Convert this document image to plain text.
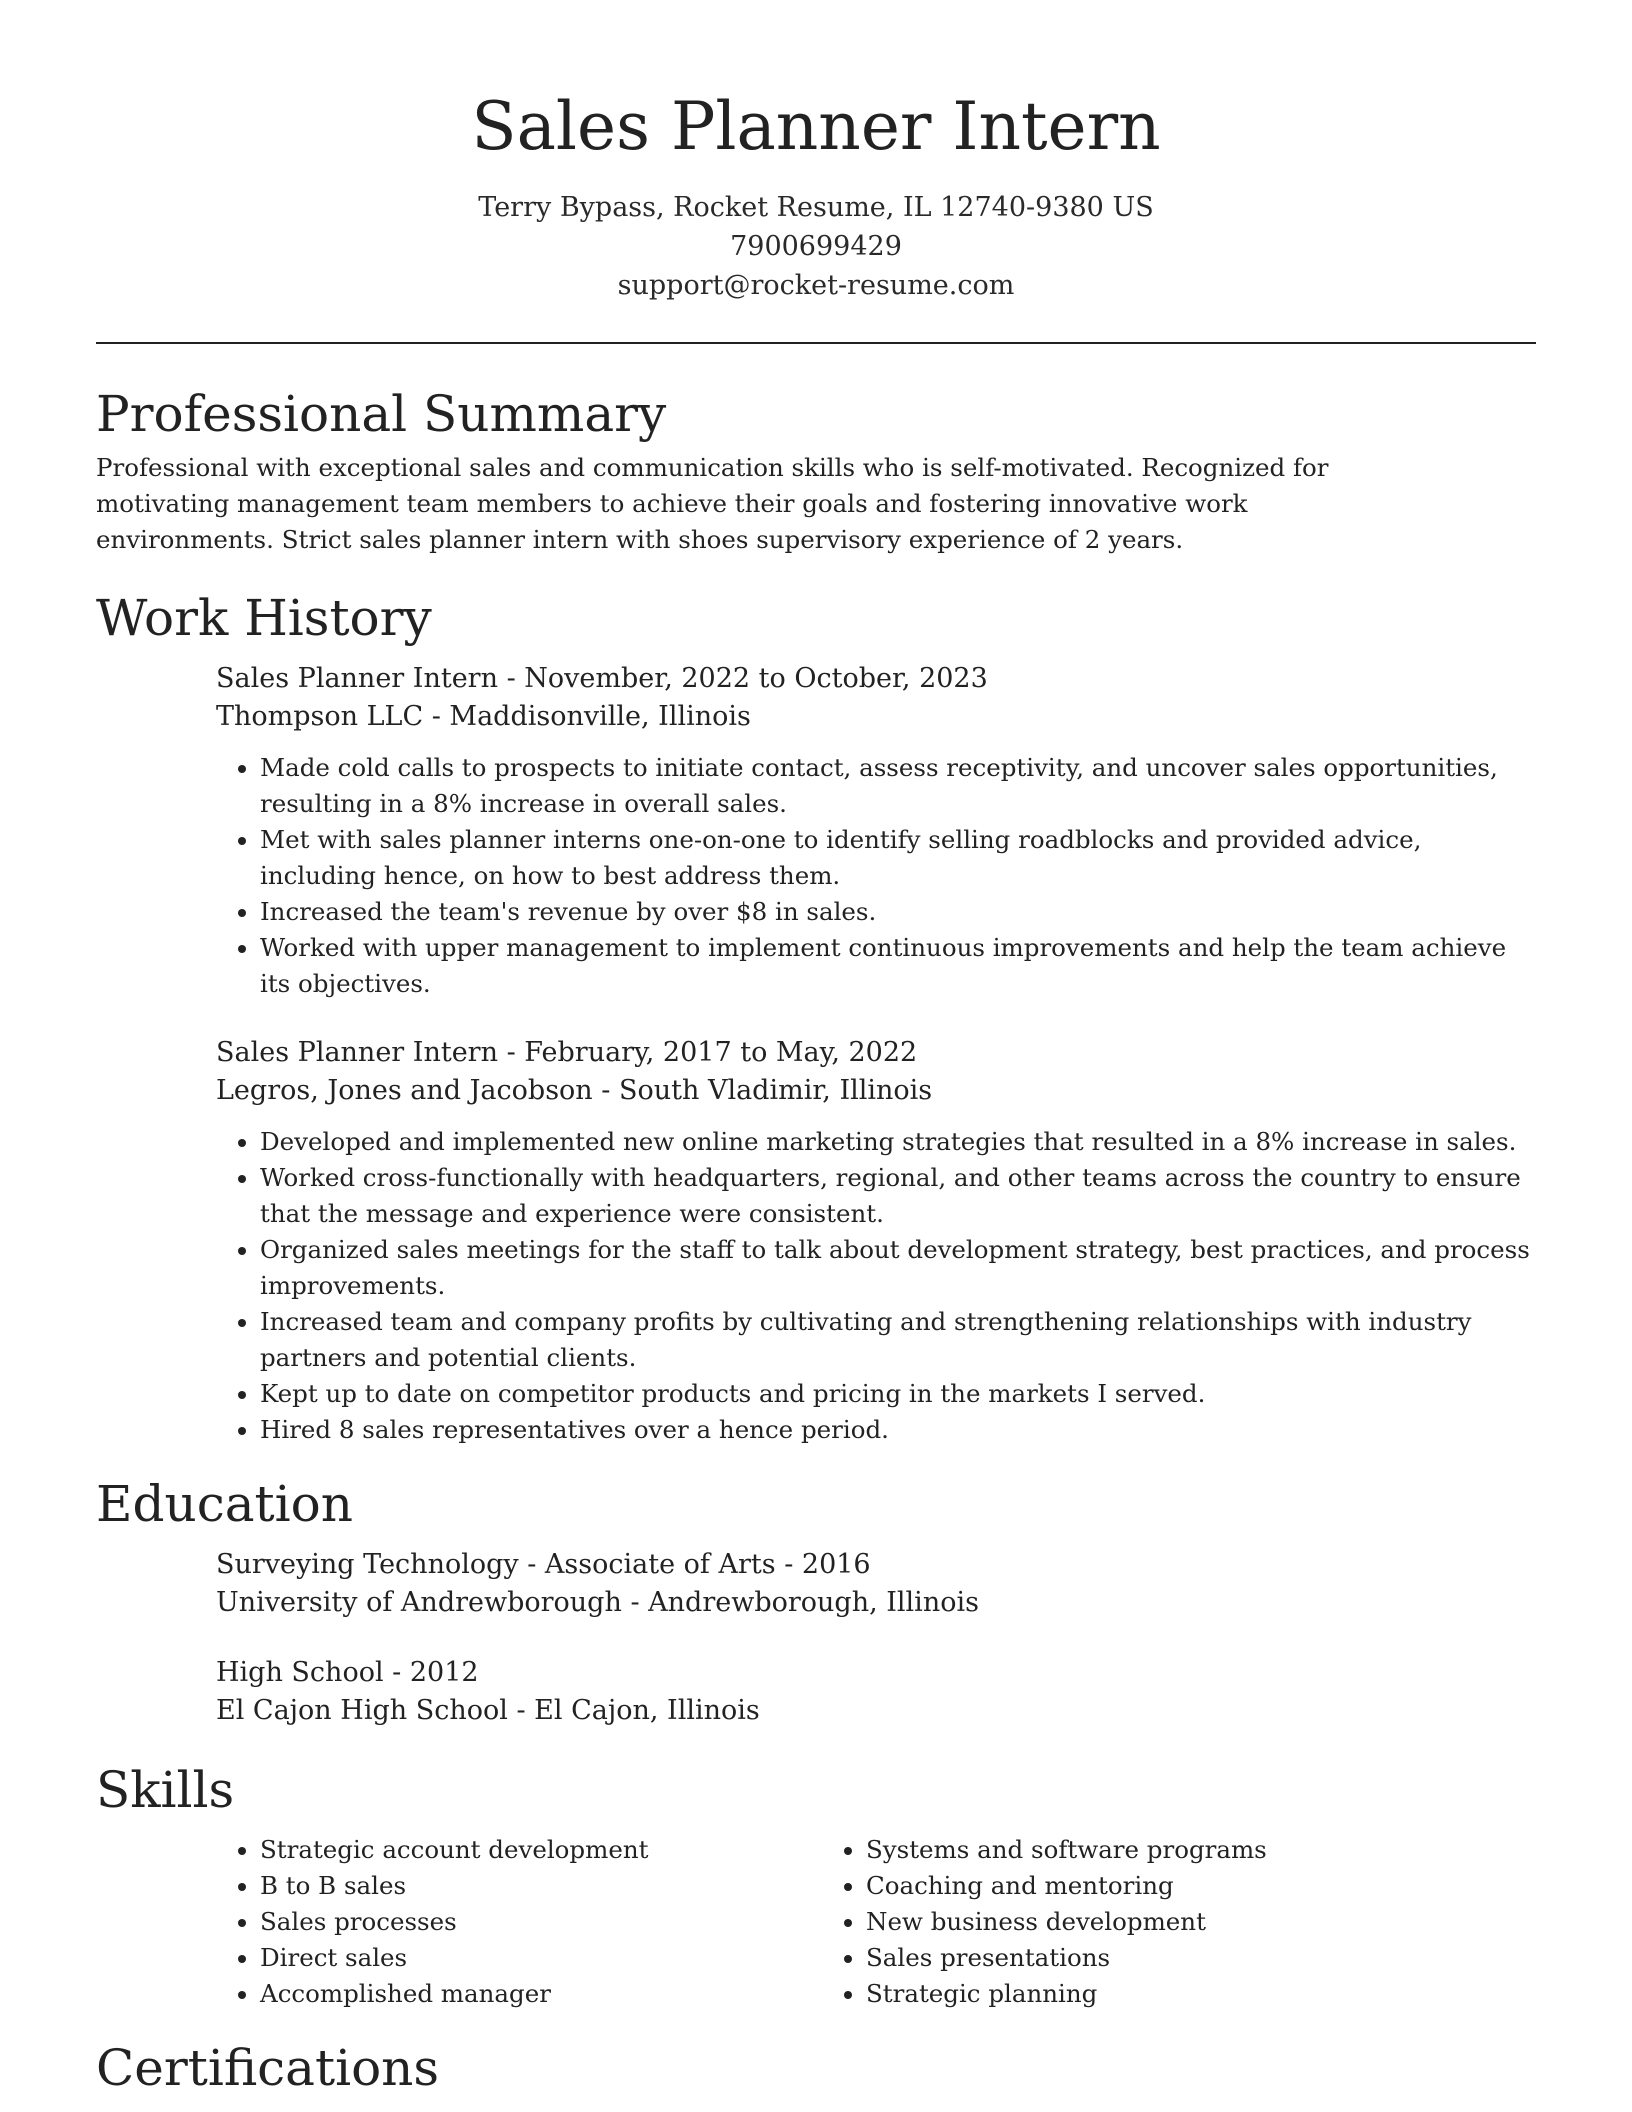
Sales Planner Intern
Terry Bypass, Rocket Resume, IL 12740-9380 US
7900699429
support@rocket-resume.com
Professional Summary

Professional with exceptional sales and communication skills who is self-motivated. Recognized for motivating management team members to achieve their goals and fostering innovative work environments. Strict sales planner intern with shoes supervisory experience of 2 years.

Work History
Sales Planner Intern - November, 2022 to October, 2023
Thompson LLC - Maddisonville, Illinois
• Made cold calls to prospects to initiate contact, assess receptivity, and uncover sales opportunities, resulting in a 8% increase in overall sales.
• Met with sales planner interns one-on-one to identify selling roadblocks and provided advice, including hence, on how to best address them.
• Increased the team's revenue by over $8 in sales.
• Worked with upper management to implement continuous improvements and help the team achieve its objectives.
Sales Planner Intern - February, 2017 to May, 2022
Legros, Jones and Jacobson - South Vladimir, Illinois
• Developed and implemented new online marketing strategies that resulted in a 8% increase in sales.
• Worked cross-functionally with headquarters, regional, and other teams across the country to ensure that the message and experience were consistent.
• Organized sales meetings for the staff to talk about development strategy, best practices, and process improvements.
• Increased team and company profits by cultivating and strengthening relationships with industry partners and potential clients.
• Kept up to date on competitor products and pricing in the markets I served.
• Hired 8 sales representatives over a hence period.
Education
Surveying Technology - Associate of Arts - 2016
University of Andrewborough - Andrewborough, Illinois
High School - 2012
El Cajon High School - El Cajon, Illinois
Skills
• Strategic account development
• B to B sales
• Sales processes
• Direct sales
• Accomplished manager
• Systems and software programs
• Coaching and mentoring
• New business development
• Sales presentations
• Strategic planning
Certifications
